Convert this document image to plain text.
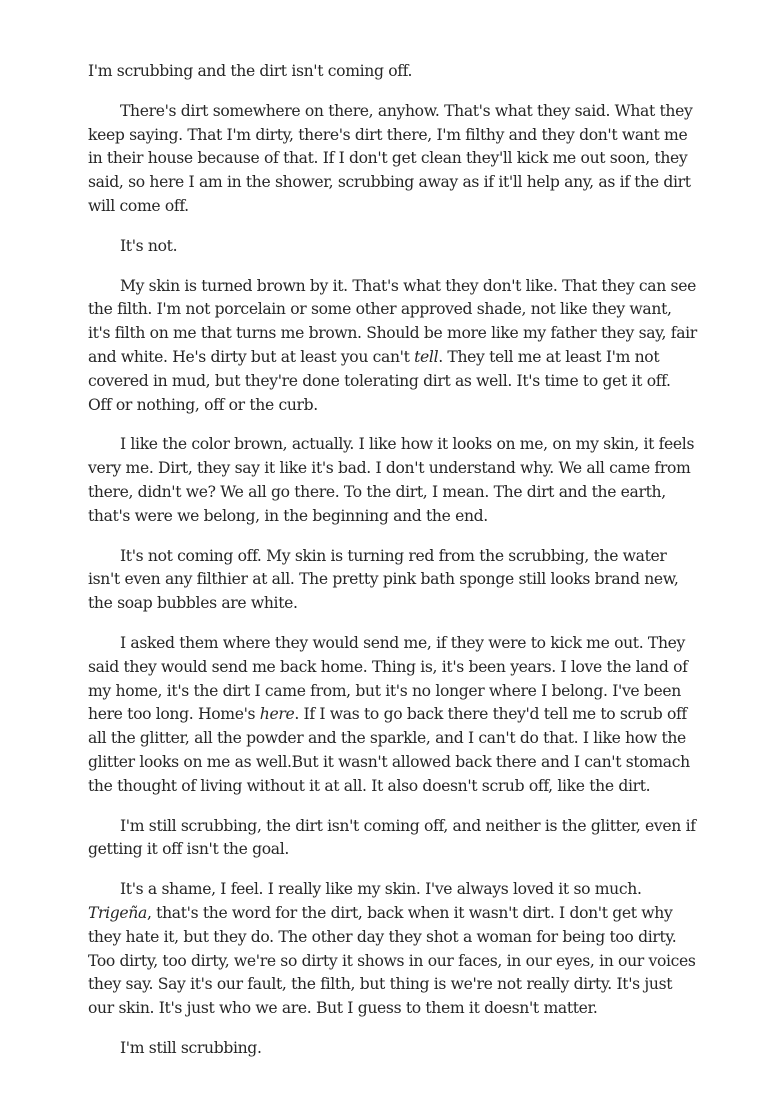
I'm scrubbing and the dirt isn't coming off.

There's dirt somewhere on there, anyhow. That's what they said. What they keep saying. That I'm dirty, there's dirt there, I'm filthy and they don't want me in their house because of that. If I don't get clean they'll kick me out soon, they said, so here I am in the shower, scrubbing away as if it'll help any, as if the dirt will come off.

It's not.

My skin is turned brown by it. That's what they don't like. That they can see the filth. I'm not porcelain or some other approved shade, not like they want, it's filth on me that turns me brown. Should be more like my father they say, fair and white. He's dirty but at least you can't tell. They tell me at least I'm not covered in mud, but they're done tolerating dirt as well. It's time to get it off. Off or nothing, off or the curb.

I like the color brown, actually. I like how it looks on me, on my skin, it feels very me. Dirt, they say it like it's bad. I don't understand why. We all came from there, didn't we? We all go there. To the dirt, I mean. The dirt and the earth, that's were we belong, in the beginning and the end.

It's not coming off. My skin is turning red from the scrubbing, the water isn't even any filthier at all. The pretty pink bath sponge still looks brand new, the soap bubbles are white.

I asked them where they would send me, if they were to kick me out. They said they would send me back home. Thing is, it's been years. I love the land of my home, it's the dirt I came from, but it's no longer where I belong. I've been here too long. Home's here. If I was to go back there they'd tell me to scrub off all the glitter, all the powder and the sparkle, and I can't do that. I like how the glitter looks on me as well.But it wasn't allowed back there and I can't stomach the thought of living without it at all. It also doesn't scrub off, like the dirt.

I'm still scrubbing, the dirt isn't coming off, and neither is the glitter, even if getting it off isn't the goal.

It's a shame, I feel. I really like my skin. I've always loved it so much. Trigeña, that's the word for the dirt, back when it wasn't dirt. I don't get why they hate it, but they do. The other day they shot a woman for being too dirty. Too dirty, too dirty, we're so dirty it shows in our faces, in our eyes, in our voices they say. Say it's our fault, the filth, but thing is we're not really dirty. It's just our skin. It's just who we are. But I guess to them it doesn't matter.

I'm still scrubbing.
